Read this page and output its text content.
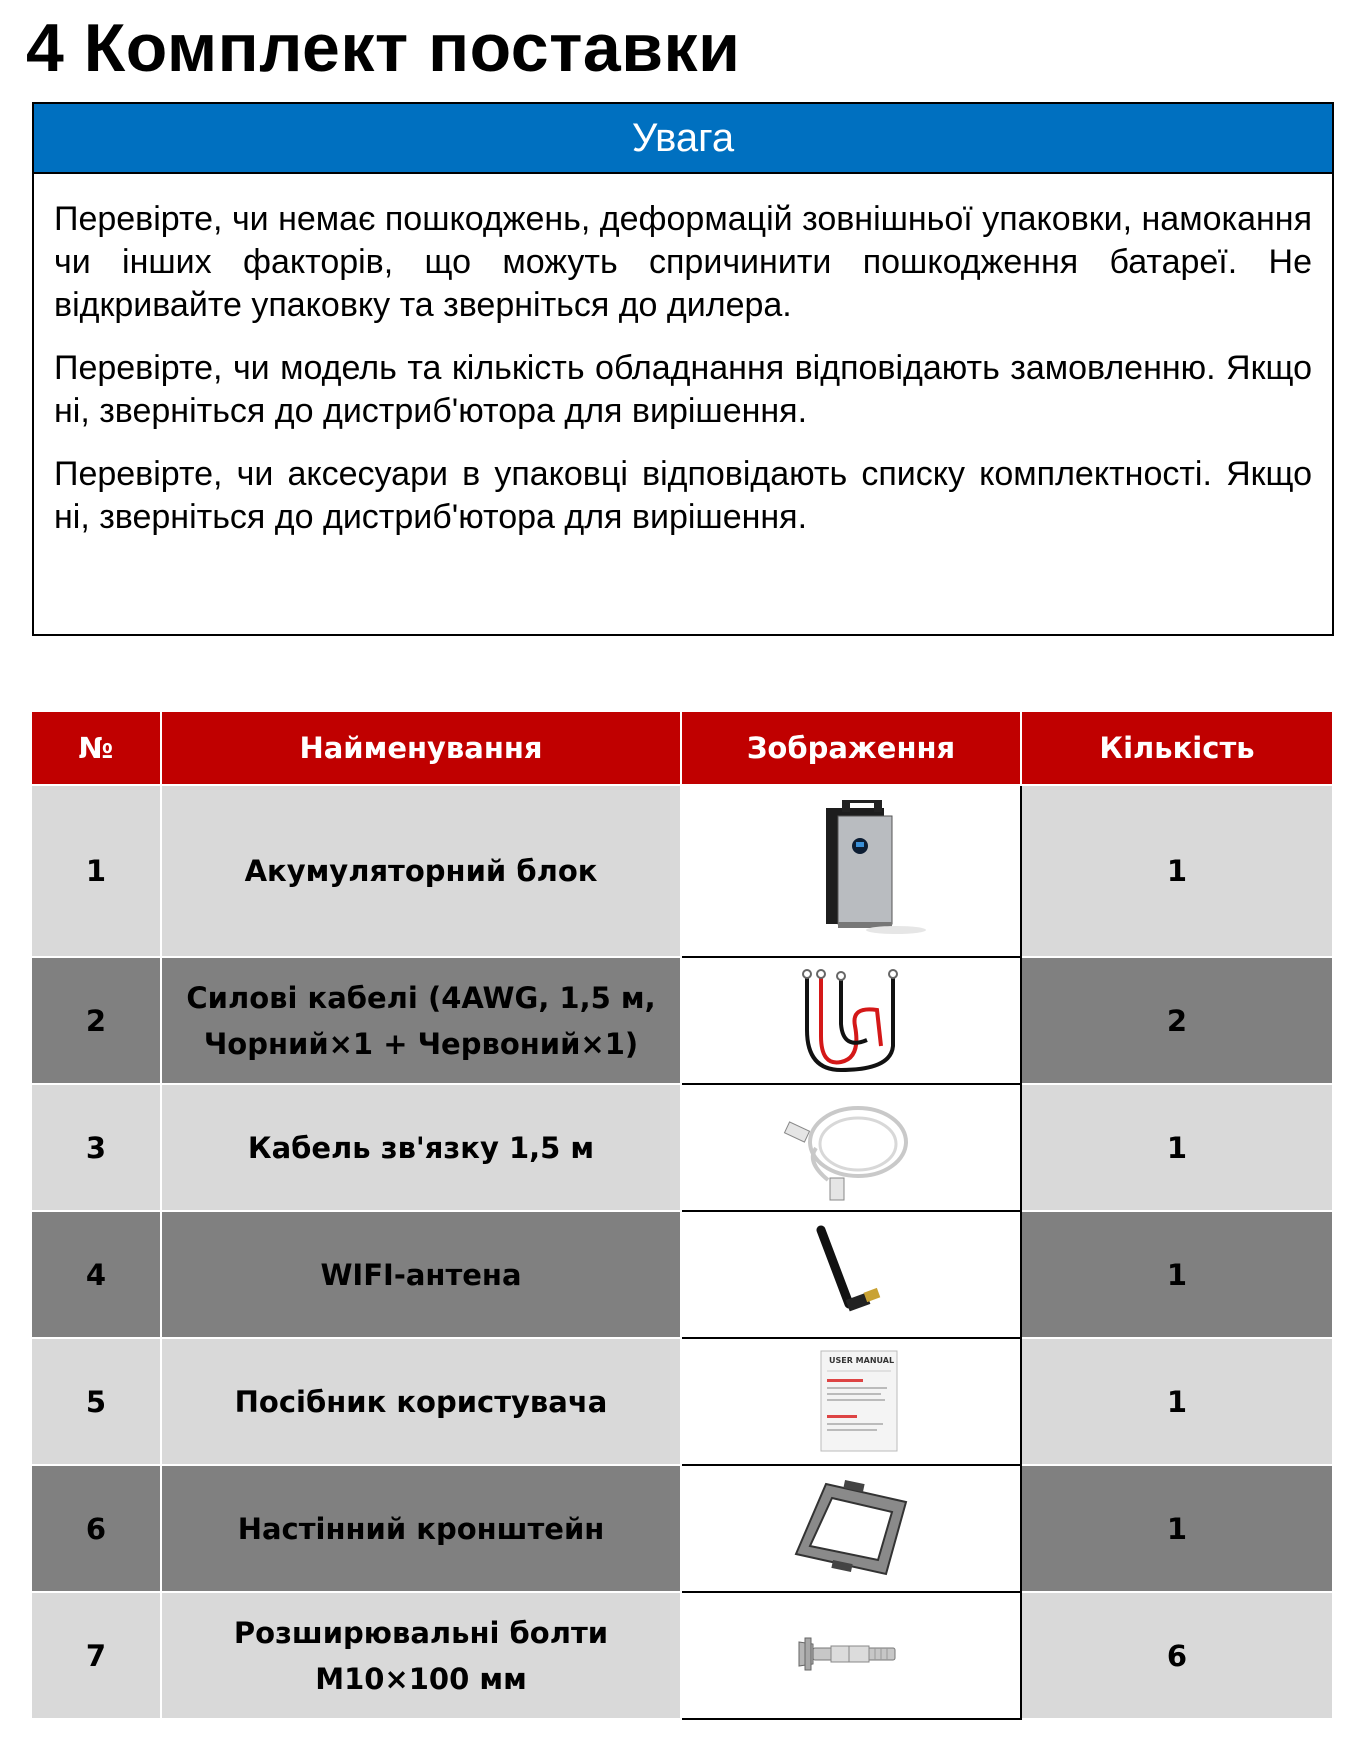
4 Комплект поставки
Увага

Перевірте, чи немає пошкоджень, деформацій зовнішньої упаковки, намокання чи інших факторів, що можуть спричинити пошкодження батареї. Не відкривайте упаковку та зверніться до дилера.

Перевірте, чи модель та кількість обладнання відповідають замовленню. Якщо ні, зверніться до дистриб'ютора для вирішення.

Перевірте, чи аксесуари в упаковці відповідають списку комплектності. Якщо ні, зверніться до дистриб'ютора для вирішення.

№	Найменування	Зображення	Кількість
1	Акумуляторний блок		1
2	Силові кабелі (4AWG, 1,5 м, Чорний×1 + Червоний×1)		2
3	Кабель зв'язку 1,5 м		1
4	WIFI-антена		1
5	Посібник користувача	USER MANUAL	1
6	Настінний кронштейн		1
7	Розширювальні болти M10×100 мм		6
